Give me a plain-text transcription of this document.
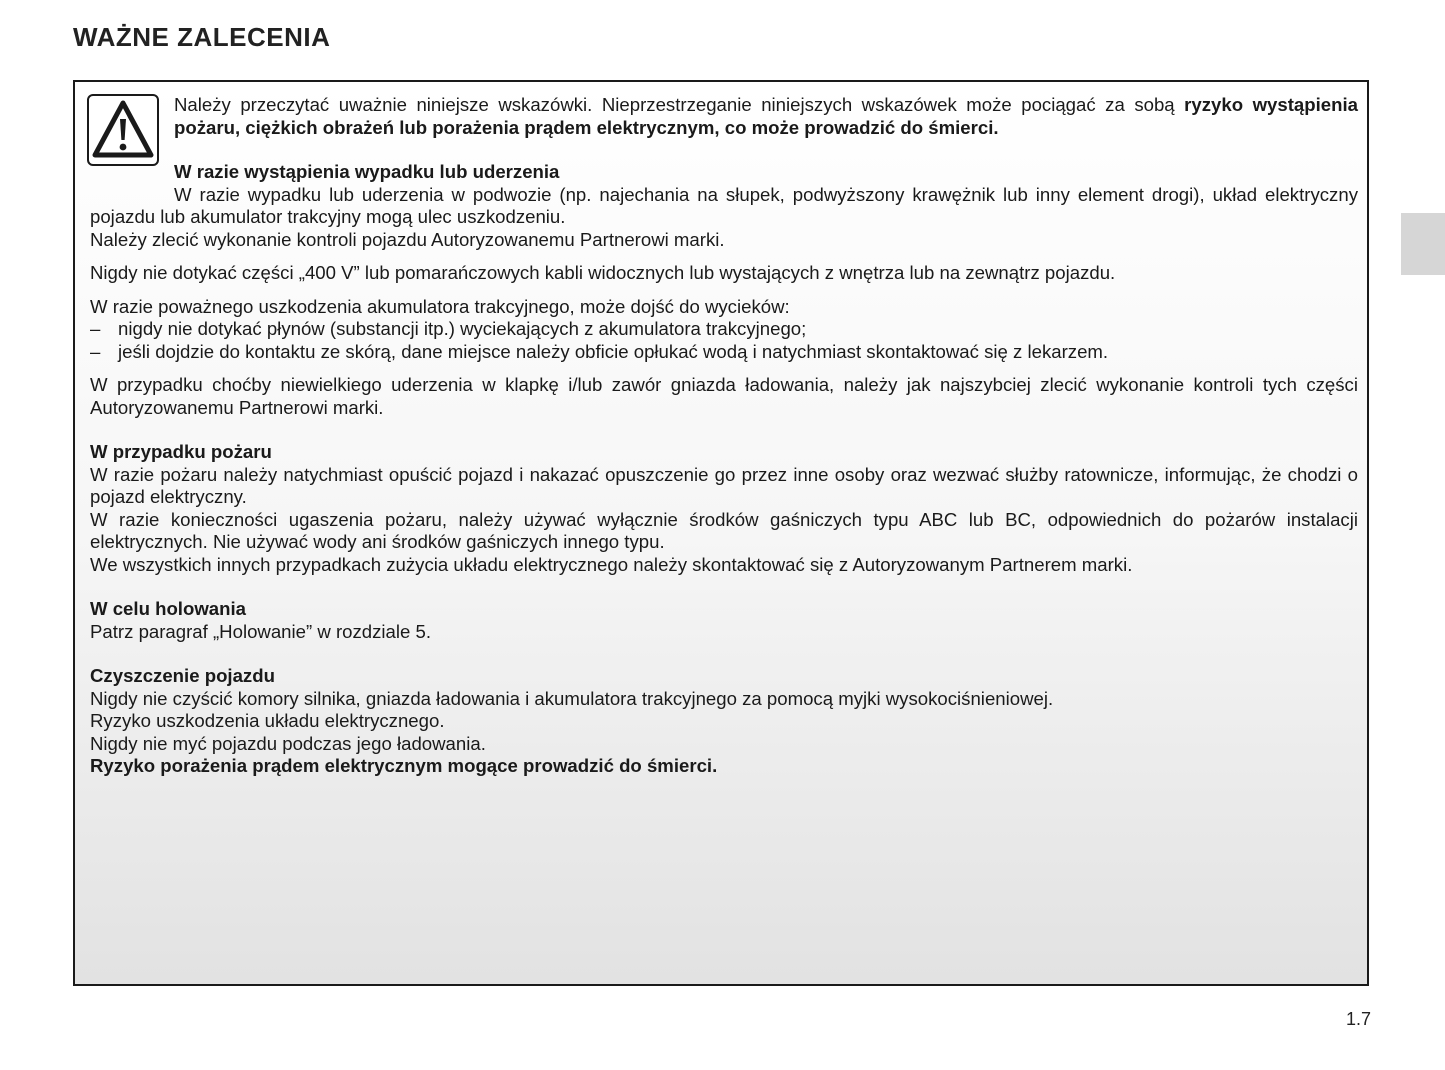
WAŻNE ZALECENIA

Należy przeczytać uważnie niniejsze wskazówki. Nieprzestrzeganie niniejszych wskazówek może pociągać za sobą ryzyko wystąpienia pożaru, ciężkich obrażeń lub porażenia prądem elektrycznym, co może prowadzić do śmierci.

W razie wystąpienia wypadku lub uderzenia

W razie wypadku lub uderzenia w podwozie (np. najechania na słupek, podwyższony krawężnik lub inny element drogi), układ elektryczny pojazdu lub akumulator trakcyjny mogą ulec uszkodzeniu.

Należy zlecić wykonanie kontroli pojazdu Autoryzowanemu Partnerowi marki.

Nigdy nie dotykać części „400 V” lub pomarańczowych kabli widocznych lub wystających z wnętrza lub na zewnątrz pojazdu.

W razie poważnego uszkodzenia akumulatora trakcyjnego, może dojść do wycieków:

– nigdy nie dotykać płynów (substancji itp.) wyciekających z akumulatora trakcyjnego;

– jeśli dojdzie do kontaktu ze skórą, dane miejsce należy obficie opłukać wodą i natychmiast skontaktować się z lekarzem.

W przypadku choćby niewielkiego uderzenia w klapkę i/lub zawór gniazda ładowania, należy jak najszybciej zlecić wykonanie kontroli tych części Autoryzowanemu Partnerowi marki.

W przypadku pożaru

W razie pożaru należy natychmiast opuścić pojazd i nakazać opuszczenie go przez inne osoby oraz wezwać służby ratownicze, informując, że chodzi o pojazd elektryczny.

W razie konieczności ugaszenia pożaru, należy używać wyłącznie środków gaśniczych typu ABC lub BC, odpowiednich do pożarów instalacji elektrycznych. Nie używać wody ani środków gaśniczych innego typu.

We wszystkich innych przypadkach zużycia układu elektrycznego należy skontaktować się z Autoryzowanym Partnerem marki.

W celu holowania

Patrz paragraf „Holowanie” w rozdziale 5.

Czyszczenie pojazdu

Nigdy nie czyścić komory silnika, gniazda ładowania i akumulatora trakcyjnego za pomocą myjki wysokociśnieniowej.

Ryzyko uszkodzenia układu elektrycznego.

Nigdy nie myć pojazdu podczas jego ładowania.

Ryzyko porażenia prądem elektrycznym mogące prowadzić do śmierci.

1.7
